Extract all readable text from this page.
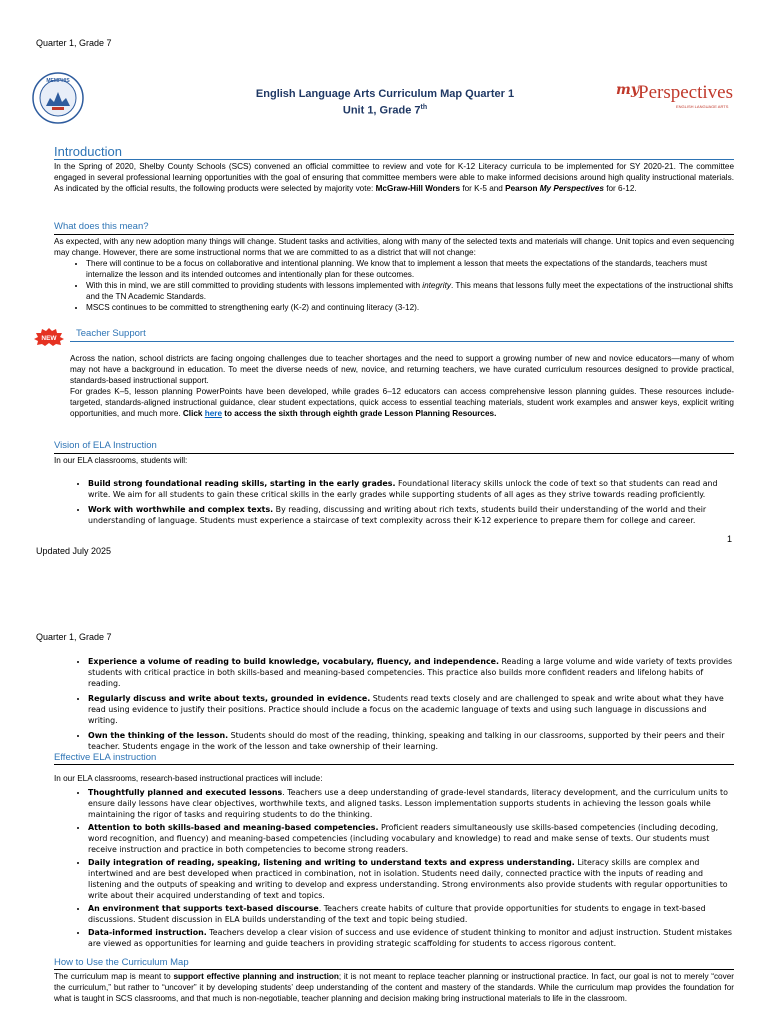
Quarter 1, Grade 7
MEMPHIS
English Language Arts Curriculum Map Quarter 1
Unit 1, Grade 7th
my Perspectives
ENGLISH LANGUAGE ARTS
Introduction
In the Spring of 2020, Shelby County Schools (SCS) convened an official committee to review and vote for K-12 Literacy curricula to be implemented for SY 2020-21. The committee engaged in several professional learning opportunities with the goal of ensuring that committee members were able to make informed decisions around high quality instructional materials. As indicated by the official results, the following products were selected by majority vote: McGraw-Hill Wonders for K-5 and Pearson My Perspectives for 6-12.
What does this mean?
As expected, with any new adoption many things will change. Student tasks and activities, along with many of the selected texts and materials will change. Unit topics and even sequencing may change. However, there are some instructional norms that we are committed to as a district that will not change:
• There will continue to be a focus on collaborative and intentional planning. We know that to implement a lesson that meets the expectations of the standards, teachers must internalize the lesson and its intended outcomes and intentionally plan for these outcomes.
• With this in mind, we are still committed to providing students with lessons implemented with integrity. This means that lessons fully meet the expectations of the instructional shifts and the TN Academic Standards.
• MSCS continues to be committed to strengthening early (K-2) and continuing literacy (3-12).
NEW Teacher Support
Across the nation, school districts are facing ongoing challenges due to teacher shortages and the need to support a growing number of new and novice educators—many of whom may not have a background in education. To meet the diverse needs of new, novice, and returning teachers, we have curated curriculum resources designed to provide practical, standards-based instructional support.
For grades K–5, lesson planning PowerPoints have been developed, while grades 6–12 educators can access comprehensive lesson planning guides. These resources include-targeted, standards-aligned instructional guidance, clear student expectations, quick access to essential teaching materials, student work examples and answer keys, explicit writing opportunities, and much more. Click here to access the sixth through eighth grade Lesson Planning Resources.
Vision of ELA Instruction
In our ELA classrooms, students will:
• Build strong foundational reading skills, starting in the early grades. Foundational literacy skills unlock the code of text so that students can read and write. We aim for all students to gain these critical skills in the early grades while supporting students of all ages as they strive towards reading proficiently.
• Work with worthwhile and complex texts. By reading, discussing and writing about rich texts, students build their understanding of the world and their understanding of language. Students must experience a staircase of text complexity across their K-12 experience to prepare them for college and career.
1
Updated July 2025
Quarter 1, Grade 7
• Experience a volume of reading to build knowledge, vocabulary, fluency, and independence. Reading a large volume and wide variety of texts provides students with critical practice in both skills-based and meaning-based competencies. This practice also builds more confident readers and lifelong habits of reading.
• Regularly discuss and write about texts, grounded in evidence. Students read texts closely and are challenged to speak and write about what they have read using evidence to justify their positions. Practice should include a focus on the academic language of texts and using such language in discussions and writing.
• Own the thinking of the lesson. Students should do most of the reading, thinking, speaking and talking in our classrooms, supported by their peers and their teacher. Students engage in the work of the lesson and take ownership of their learning.
Effective ELA instruction
In our ELA classrooms, research-based instructional practices will include:
• Thoughtfully planned and executed lessons. Teachers use a deep understanding of grade-level standards, literacy development, and the curriculum units to ensure daily lessons have clear objectives, worthwhile texts, and aligned tasks. Lesson implementation supports students in achieving the lesson goals while maintaining the rigor of tasks and requiring students to do the thinking.
• Attention to both skills-based and meaning-based competencies. Proficient readers simultaneously use skills-based competencies (including decoding, word recognition, and fluency) and meaning-based competencies (including vocabulary and knowledge) to read and make sense of texts. Our students must receive instruction and practice in both competencies to become strong readers.
• Daily integration of reading, speaking, listening and writing to understand texts and express understanding. Literacy skills are complex and intertwined and are best developed when practiced in combination, not in isolation. Students need daily, connected practice with the inputs of reading and listening and the outputs of speaking and writing to develop and express understanding. Strong environments also provide students with regular opportunities to write about their acquired understanding of text and topics.
• An environment that supports text-based discourse. Teachers create habits of culture that provide opportunities for students to engage in text-based discussions. Student discussion in ELA builds understanding of the text and topic being studied.
• Data-informed instruction. Teachers develop a clear vision of success and use evidence of student thinking to monitor and adjust instruction. Student mistakes are viewed as opportunities for learning and guide teachers in providing strategic scaffolding for students to access rigorous content.
How to Use the Curriculum Map
The curriculum map is meant to support effective planning and instruction; it is not meant to replace teacher planning or instructional practice. In fact, our goal is not to merely “cover the curriculum,” but rather to “uncover” it by developing students’ deep understanding of the content and mastery of the standards. While the curriculum map provides the foundation for what is taught in SCS classrooms, and that much is non-negotiable, teacher planning and decision making bring instructional materials to life in the classroom.
